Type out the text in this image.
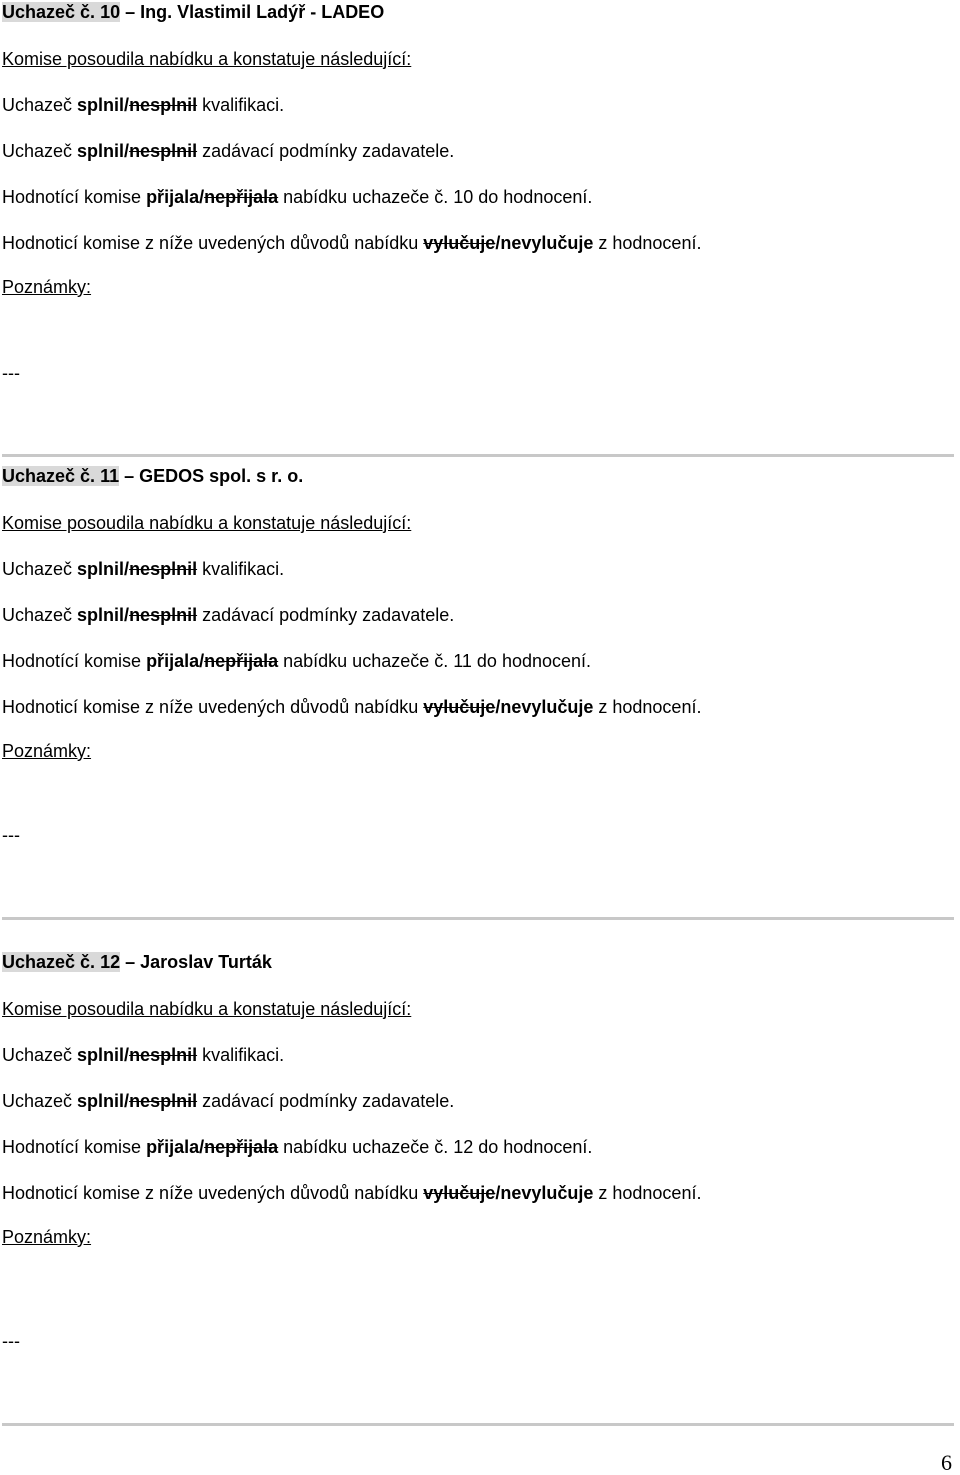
Uchazeč č. 10 – Ing. Vlastimil Ladýř - LADEO
Komise posoudila nabídku a konstatuje následující:
Uchazeč splnil/nesplnil kvalifikaci.
Uchazeč splnil/nesplnil zadávací podmínky zadavatele.
Hodnotící komise přijala/nepřijala nabídku uchazeče č. 10 do hodnocení.
Hodnoticí komise z níže uvedených důvodů nabídku vylučuje/nevylučuje z hodnocení.
Poznámky:
---
Uchazeč č. 11 – GEDOS spol. s r. o.
Komise posoudila nabídku a konstatuje následující:
Uchazeč splnil/nesplnil kvalifikaci.
Uchazeč splnil/nesplnil zadávací podmínky zadavatele.
Hodnotící komise přijala/nepřijala nabídku uchazeče č. 11 do hodnocení.
Hodnoticí komise z níže uvedených důvodů nabídku vylučuje/nevylučuje z hodnocení.
Poznámky:
---
Uchazeč č. 12 – Jaroslav Turták
Komise posoudila nabídku a konstatuje následující:
Uchazeč splnil/nesplnil kvalifikaci.
Uchazeč splnil/nesplnil zadávací podmínky zadavatele.
Hodnotící komise přijala/nepřijala nabídku uchazeče č. 12 do hodnocení.
Hodnoticí komise z níže uvedených důvodů nabídku vylučuje/nevylučuje z hodnocení.
Poznámky:
---
6
